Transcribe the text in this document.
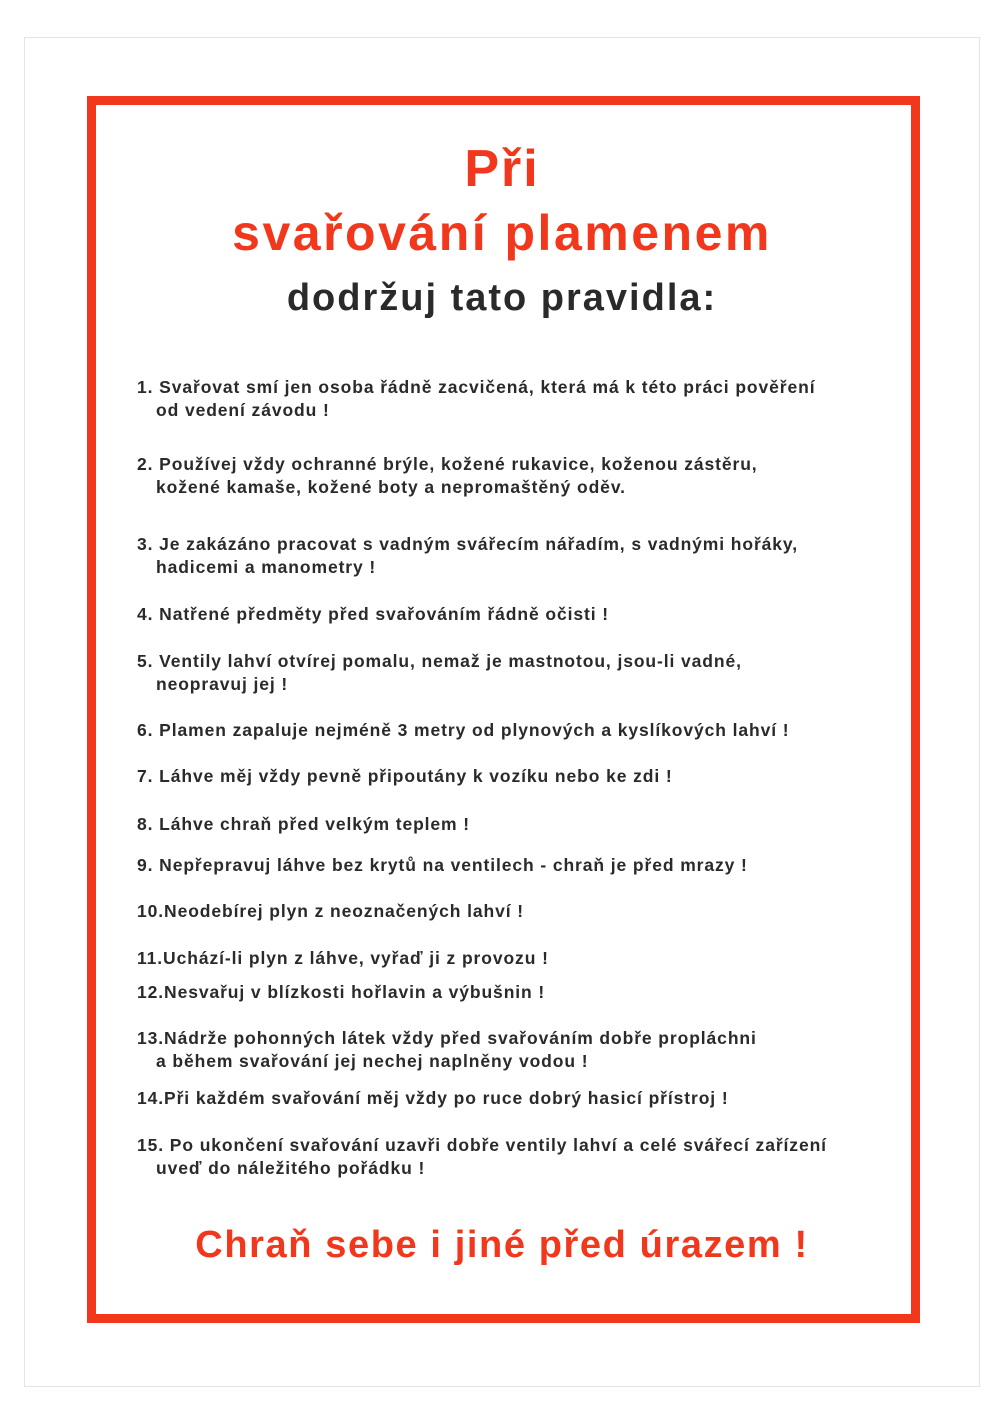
Při
svařování plamenem
dodržuj tato pravidla:
1. Svařovat smí jen osoba řádně zacvičená, která má k této práci pověření
od vedení závodu !
2. Používej vždy ochranné brýle, kožené rukavice, koženou zástěru,
kožené kamaše, kožené boty a nepromaštěný oděv.
3. Je zakázáno pracovat s vadným svářecím nářadím, s vadnými hořáky,
hadicemi a manometry !
4. Natřené předměty před svařováním řádně očisti !
5. Ventily lahví otvírej pomalu, nemaž je mastnotou, jsou-li vadné,
neopravuj jej !
6. Plamen zapaluje nejméně 3 metry od plynových a kyslíkových lahví !
7. Láhve měj vždy pevně připoutány k vozíku nebo ke zdi !
8. Láhve chraň před velkým teplem !
9. Nepřepravuj láhve bez krytů na ventilech - chraň je před mrazy !
10.Neodebírej plyn z neoznačených lahví !
11.Uchází-li plyn z láhve, vyřaď ji z provozu !
12.Nesvařuj v blízkosti hořlavin a výbušnin !
13.Nádrže pohonných látek vždy před svařováním dobře propláchni
a během svařování jej nechej naplněny vodou !
14.Při každém svařování měj vždy po ruce dobrý hasicí přístroj !
15. Po ukončení svařování uzavři dobře ventily lahví a celé svářecí zařízení
uveď do náležitého pořádku !
Chraň sebe i jiné před úrazem !
